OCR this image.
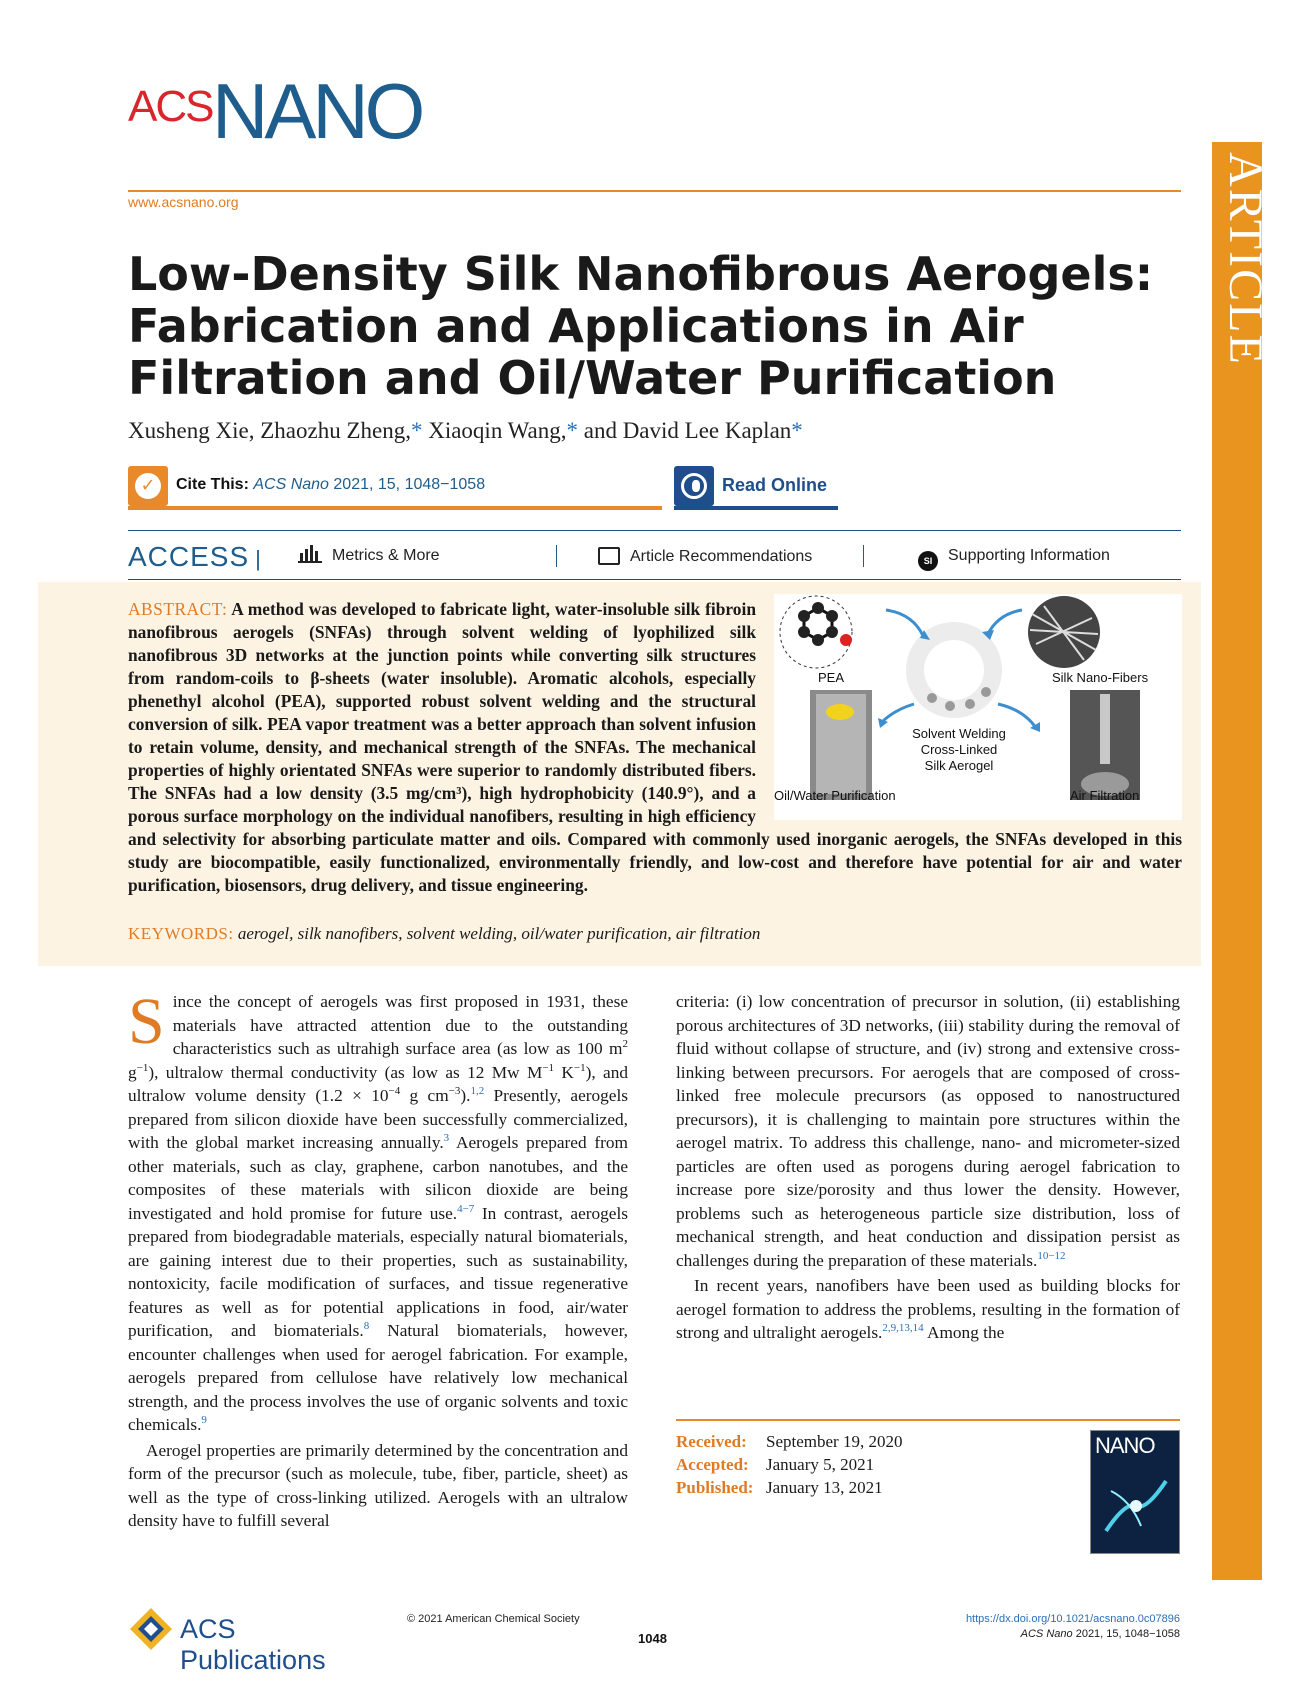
ACS NANO
www.acsnano.org	ARTICLE
Low-Density Silk Nanofibrous Aerogels: Fabrication and Applications in Air Filtration and Oil/Water Purification
Xusheng Xie, Zhaozhu Zheng,* Xiaoqin Wang,* and David Lee Kaplan*
✓	Cite This: ACS Nano 2021, 15, 1048−1058	Read Online
ACCESS |	Metrics & More	Article Recommendations	SI Supporting Information
PEA	Silk Nano-Fibers
Solvent Welding Cross-Linked Silk Aerogel
Oil/Water Purification	Air Filtration
ABSTRACT: A method was developed to fabricate light, water-insoluble silk fibroin nanofibrous aerogels (SNFAs) through solvent welding of lyophilized silk nanofibrous 3D networks at the junction points while converting silk structures from random-coils to β-sheets (water insoluble). Aromatic alcohols, especially phenethyl alcohol (PEA), supported robust solvent welding and the structural conversion of silk. PEA vapor treatment was a better approach than solvent infusion to retain volume, density, and mechanical strength of the SNFAs. The mechanical properties of highly orientated SNFAs were superior to randomly distributed fibers. The SNFAs had a low density (3.5 mg/cm³), high hydrophobicity (140.9°), and a porous surface morphology on the individual nanofibers, resulting in high efficiency and selectivity for absorbing particulate matter and oils. Compared with commonly used inorganic aerogels, the SNFAs developed in this study are biocompatible, easily functionalized, environmentally friendly, and low-cost and therefore have potential for air and water purification, biosensors, drug delivery, and tissue engineering.
KEYWORDS: aerogel, silk nanofibers, solvent welding, oil/water purification, air filtration

Since the concept of aerogels was first proposed in 1931, these materials have attracted attention due to the outstanding characteristics such as ultrahigh surface area (as low as 100 $m^2$ $g^{-1}$), ultralow thermal conductivity (as low as 12 Mw $M^{-1}$ $K^{-1}$), and ultralow volume density ($1.2 \times 10^{-4}$ g $cm^{-3}).^{1,2}$ Presently, aerogels prepared from silicon dioxide have been successfully commercialized, with the global market increasing annually.$^3$ Aerogels prepared from other materials, such as clay, graphene, carbon nanotubes, and the composites of these materials with silicon dioxide are being investigated and hold promise for future use.$^{4-7}$ In contrast, aerogels prepared from biodegradable materials, especially natural biomaterials, are gaining interest due to their properties, such as sustainability, nontoxicity, facile modification of surfaces, and tissue regenerative features as well as for potential applications in food, air/water purification, and biomaterials.$^8$ Natural biomaterials, however, encounter challenges when used for aerogel fabrication. For example, aerogels prepared from cellulose have relatively low mechanical strength, and the process involves the use of organic solvents and toxic chemicals.$^9$

Aerogel properties are primarily determined by the concentration and form of the precursor (such as molecule, tube, fiber, particle, sheet) as well as the type of cross-linking utilized. Aerogels with an ultralow density have to fulfill several

criteria: (i) low concentration of precursor in solution, (ii) establishing porous architectures of 3D networks, (iii) stability during the removal of fluid without collapse of structure, and (iv) strong and extensive cross-linking between precursors. For aerogels that are composed of cross-linked free molecule precursors (as opposed to nanostructured precursors), it is challenging to maintain pore structures within the aerogel matrix. To address this challenge, nano- and micrometer-sized particles are often used as porogens during aerogel fabrication to increase pore size/porosity and thus lower the density. However, problems such as heterogeneous particle size distribution, loss of mechanical strength, and heat conduction and dissipation persist as challenges during the preparation of these materials.$^{10-12}$

In recent years, nanofibers have been used as building blocks for aerogel formation to address the problems, resulting in the formation of strong and ultralight aerogels.$^{2,9,13,14}$ Among the

Received: September 19, 2020
Accepted: January 5, 2021
Published: January 13, 2021
NANO
ACS Publications
© 2021 American Chemical Society
1048
https://dx.doi.org/10.1021/acsnano.0c07896
ACS Nano 2021, 15, 1048−1058
